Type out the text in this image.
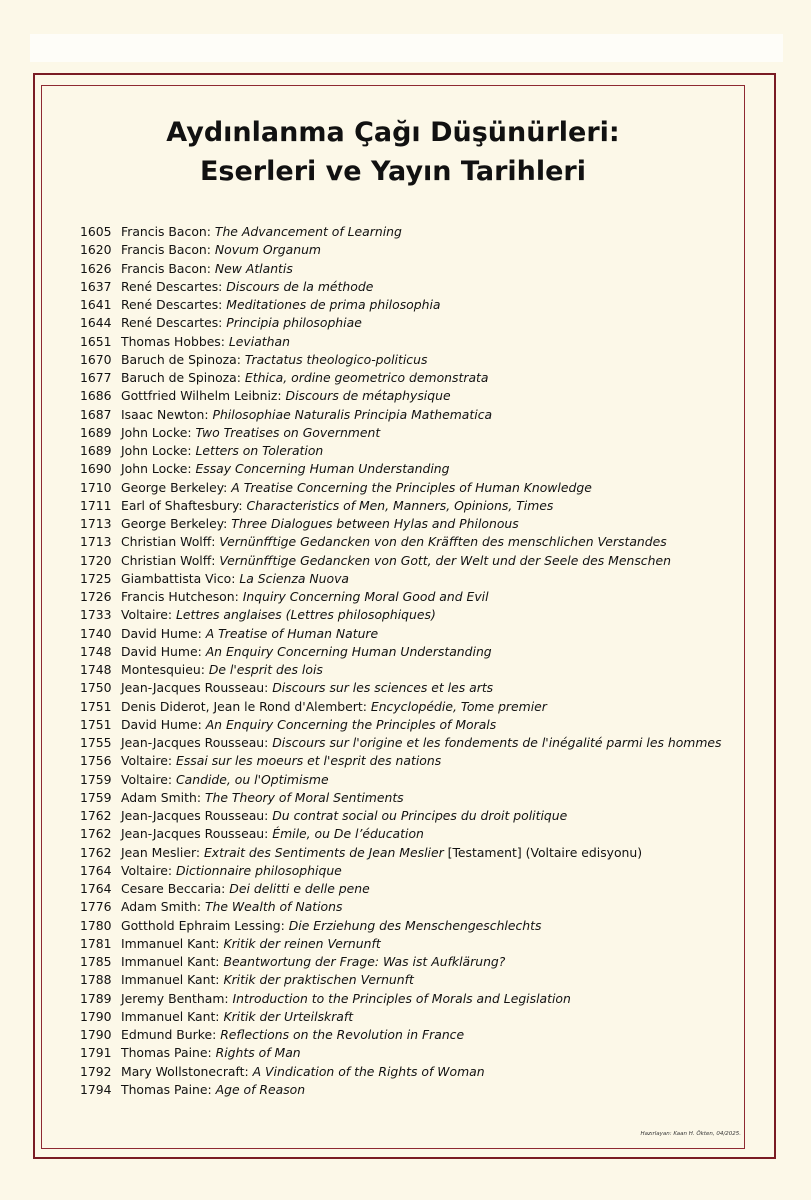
Aydınlanma Çağı Düşünürleri:
Eserleri ve Yayın Tarihleri
1605 Francis Bacon: The Advancement of Learning
1620 Francis Bacon: Novum Organum
1626 Francis Bacon: New Atlantis
1637 René Descartes: Discours de la méthode
1641 René Descartes: Meditationes de prima philosophia
1644 René Descartes: Principia philosophiae
1651 Thomas Hobbes: Leviathan
1670 Baruch de Spinoza: Tractatus theologico-politicus
1677 Baruch de Spinoza: Ethica, ordine geometrico demonstrata
1686 Gottfried Wilhelm Leibniz: Discours de métaphysique
1687 Isaac Newton: Philosophiae Naturalis Principia Mathematica
1689 John Locke: Two Treatises on Government
1689 John Locke: Letters on Toleration
1690 John Locke: Essay Concerning Human Understanding
1710 George Berkeley: A Treatise Concerning the Principles of Human Knowledge
1711 Earl of Shaftesbury: Characteristics of Men, Manners, Opinions, Times
1713 George Berkeley: Three Dialogues between Hylas and Philonous
1713 Christian Wolff: Vernünfftige Gedancken von den Kräfften des menschlichen Verstandes
1720 Christian Wolff: Vernünfftige Gedancken von Gott, der Welt und der Seele des Menschen
1725 Giambattista Vico: La Scienza Nuova
1726 Francis Hutcheson: Inquiry Concerning Moral Good and Evil
1733 Voltaire: Lettres anglaises (Lettres philosophiques)
1740 David Hume: A Treatise of Human Nature
1748 David Hume: An Enquiry Concerning Human Understanding
1748 Montesquieu: De l'esprit des lois
1750 Jean-Jacques Rousseau: Discours sur les sciences et les arts
1751 Denis Diderot, Jean le Rond d'Alembert: Encyclopédie, Tome premier
1751 David Hume: An Enquiry Concerning the Principles of Morals
1755 Jean-Jacques Rousseau: Discours sur l'origine et les fondements de l'inégalité parmi les hommes
1756 Voltaire: Essai sur les moeurs et l'esprit des nations
1759 Voltaire: Candide, ou l'Optimisme
1759 Adam Smith: The Theory of Moral Sentiments
1762 Jean-Jacques Rousseau: Du contrat social ou Principes du droit politique
1762 Jean-Jacques Rousseau: Émile, ou De l’éducation
1762 Jean Meslier: Extrait des Sentiments de Jean Meslier [Testament] (Voltaire edisyonu)
1764 Voltaire: Dictionnaire philosophique
1764 Cesare Beccaria: Dei delitti e delle pene
1776 Adam Smith: The Wealth of Nations
1780 Gotthold Ephraim Lessing: Die Erziehung des Menschengeschlechts
1781 Immanuel Kant: Kritik der reinen Vernunft
1785 Immanuel Kant: Beantwortung der Frage: Was ist Aufklärung?
1788 Immanuel Kant: Kritik der praktischen Vernunft
1789 Jeremy Bentham: Introduction to the Principles of Morals and Legislation
1790 Immanuel Kant: Kritik der Urteilskraft
1790 Edmund Burke: Reflections on the Revolution in France
1791 Thomas Paine: Rights of Man
1792 Mary Wollstonecraft: A Vindication of the Rights of Woman
1794 Thomas Paine: Age of Reason
Hazırlayan: Kaan H. Ökten, 04/2025.
